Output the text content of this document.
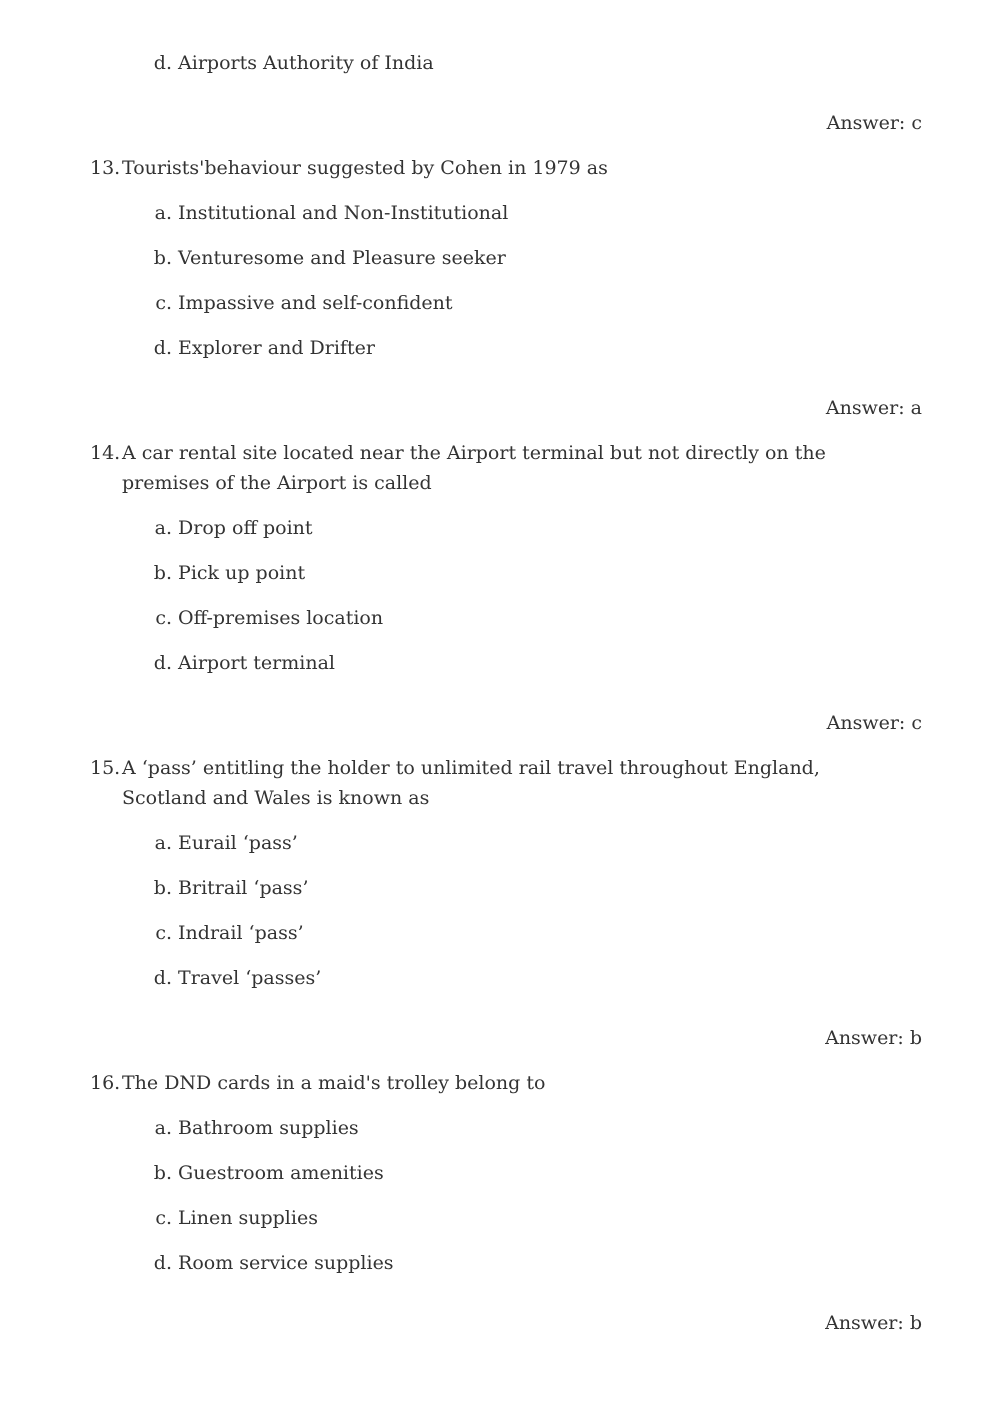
d. Airports Authority of India
Answer: c
13. Tourists'behaviour suggested by Cohen in 1979 as
a. Institutional and Non-Institutional
b. Venturesome and Pleasure seeker
c. Impassive and self-confident
d. Explorer and Drifter
Answer: a
14. A car rental site located near the Airport terminal but not directly on the premises of the Airport is called
a. Drop off point
b. Pick up point
c. Off-premises location
d. Airport terminal
Answer: c
15. A ‘pass’ entitling the holder to unlimited rail travel throughout England, Scotland and Wales is known as
a. Eurail ‘pass’
b. Britrail ‘pass’
c. Indrail ‘pass’
d. Travel ‘passes’
Answer: b
16. The DND cards in a maid's trolley belong to
a. Bathroom supplies
b. Guestroom amenities
c. Linen supplies
d. Room service supplies
Answer: b
